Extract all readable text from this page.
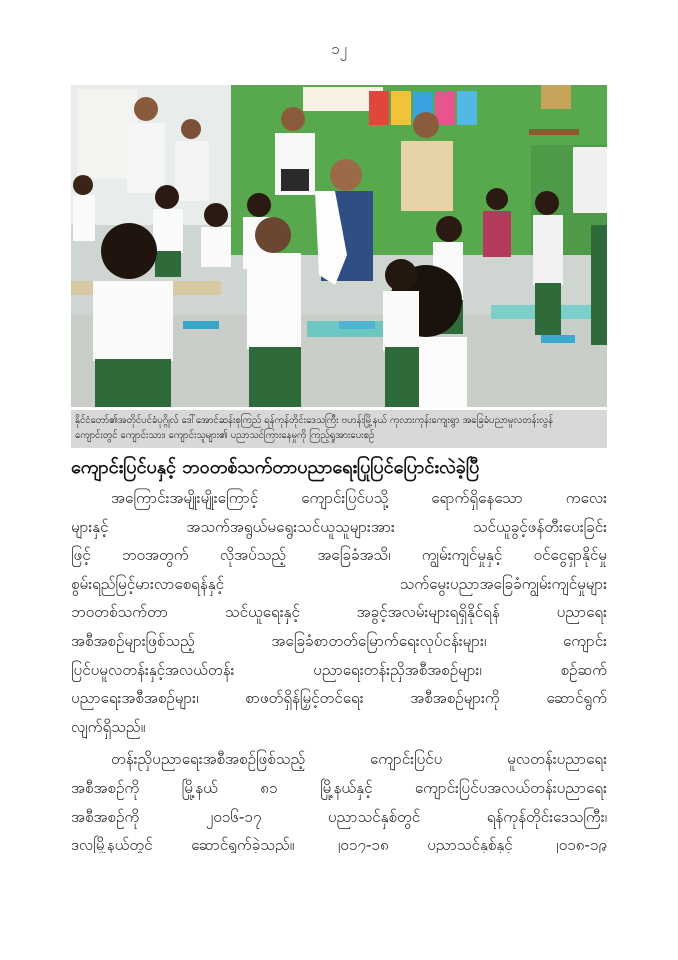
၁၂
နိုင်ငံတော်၏အတိုင်ပင်ခံပုဂ္ဂိုလ် ဒေါ်အောင်ဆန်းစုကြည် ရန်ကုန်တိုင်းဒေသကြီး ဗဟန်းမြို့နယ် ကုလားကုန်းကျေးရွာ အခြေခံပညာမူလတန်းလွန်
ကျောင်းတွင် ကျောင်းသား၊ ကျောင်းသူများ၏ ပညာသင်ကြားနေမှုကို ကြည့်ရှုအားပေးစဉ်
ကျောင်းပြင်ပနှင့် ဘဝတစ်သက်တာပညာရေးပြုပြင်ပြောင်းလဲခဲ့ပြီ
အကြောင်းအမျိုးမျိုးကြောင့် ကျောင်းပြင်ပသို့ ရောက်ရှိနေသော ကလေး
များနှင့် အသက်အရွယ်မရွေးသင်ယူသူများအား သင်ယူခွင့်ဖန်တီးပေးခြင်း
ဖြင့် ဘဝအတွက် လိုအပ်သည့် အခြေခံအသိ၊ ကျွမ်းကျင်မှုနှင့် ဝင်ငွေရှာနိုင်မှု
စွမ်းရည်မြင့်မားလာစေရန်နှင့် သက်မွေးပညာအခြေခံကျွမ်းကျင်မှုများ
ဘဝတစ်သက်တာ သင်ယူရေးနှင့် အခွင့်အလမ်းများရရှိနိုင်ရန် ပညာရေး
အစီအစဉ်များဖြစ်သည့် အခြေခံစာတတ်မြောက်ရေးလုပ်ငန်းများ၊ ကျောင်း
ပြင်ပမူလတန်းနှင့်အလယ်တန်း ပညာရေးတန်းညှိအစီအစဉ်များ၊ စဉ်ဆက်
ပညာရေးအစီအစဉ်များ၊ စာဖတ်ရှိန်မြှင့်တင်ရေး အစီအစဉ်များကို ဆောင်ရွက်
လျက်ရှိသည်။
တန်းညှိပညာရေးအစီအစဉ်ဖြစ်သည့် ကျောင်းပြင်ပ မူလတန်းပညာရေး
အစီအစဉ်ကို မြို့နယ် ၈၁ မြို့နယ်နှင့် ကျောင်းပြင်ပအလယ်တန်းပညာရေး
အစီအစဉ်ကို ၂၀၁၆-၁၇ ပညာသင်နှစ်တွင် ရန်ကုန်တိုင်းဒေသကြီး၊
ဒလမြို့နယ်တွင် ဆောင်ရွက်ခဲ့သည်။ ၂၀၁၇-၁၈ ပညာသင်နှစ်နှင့် ၂၀၁၈-၁၉
